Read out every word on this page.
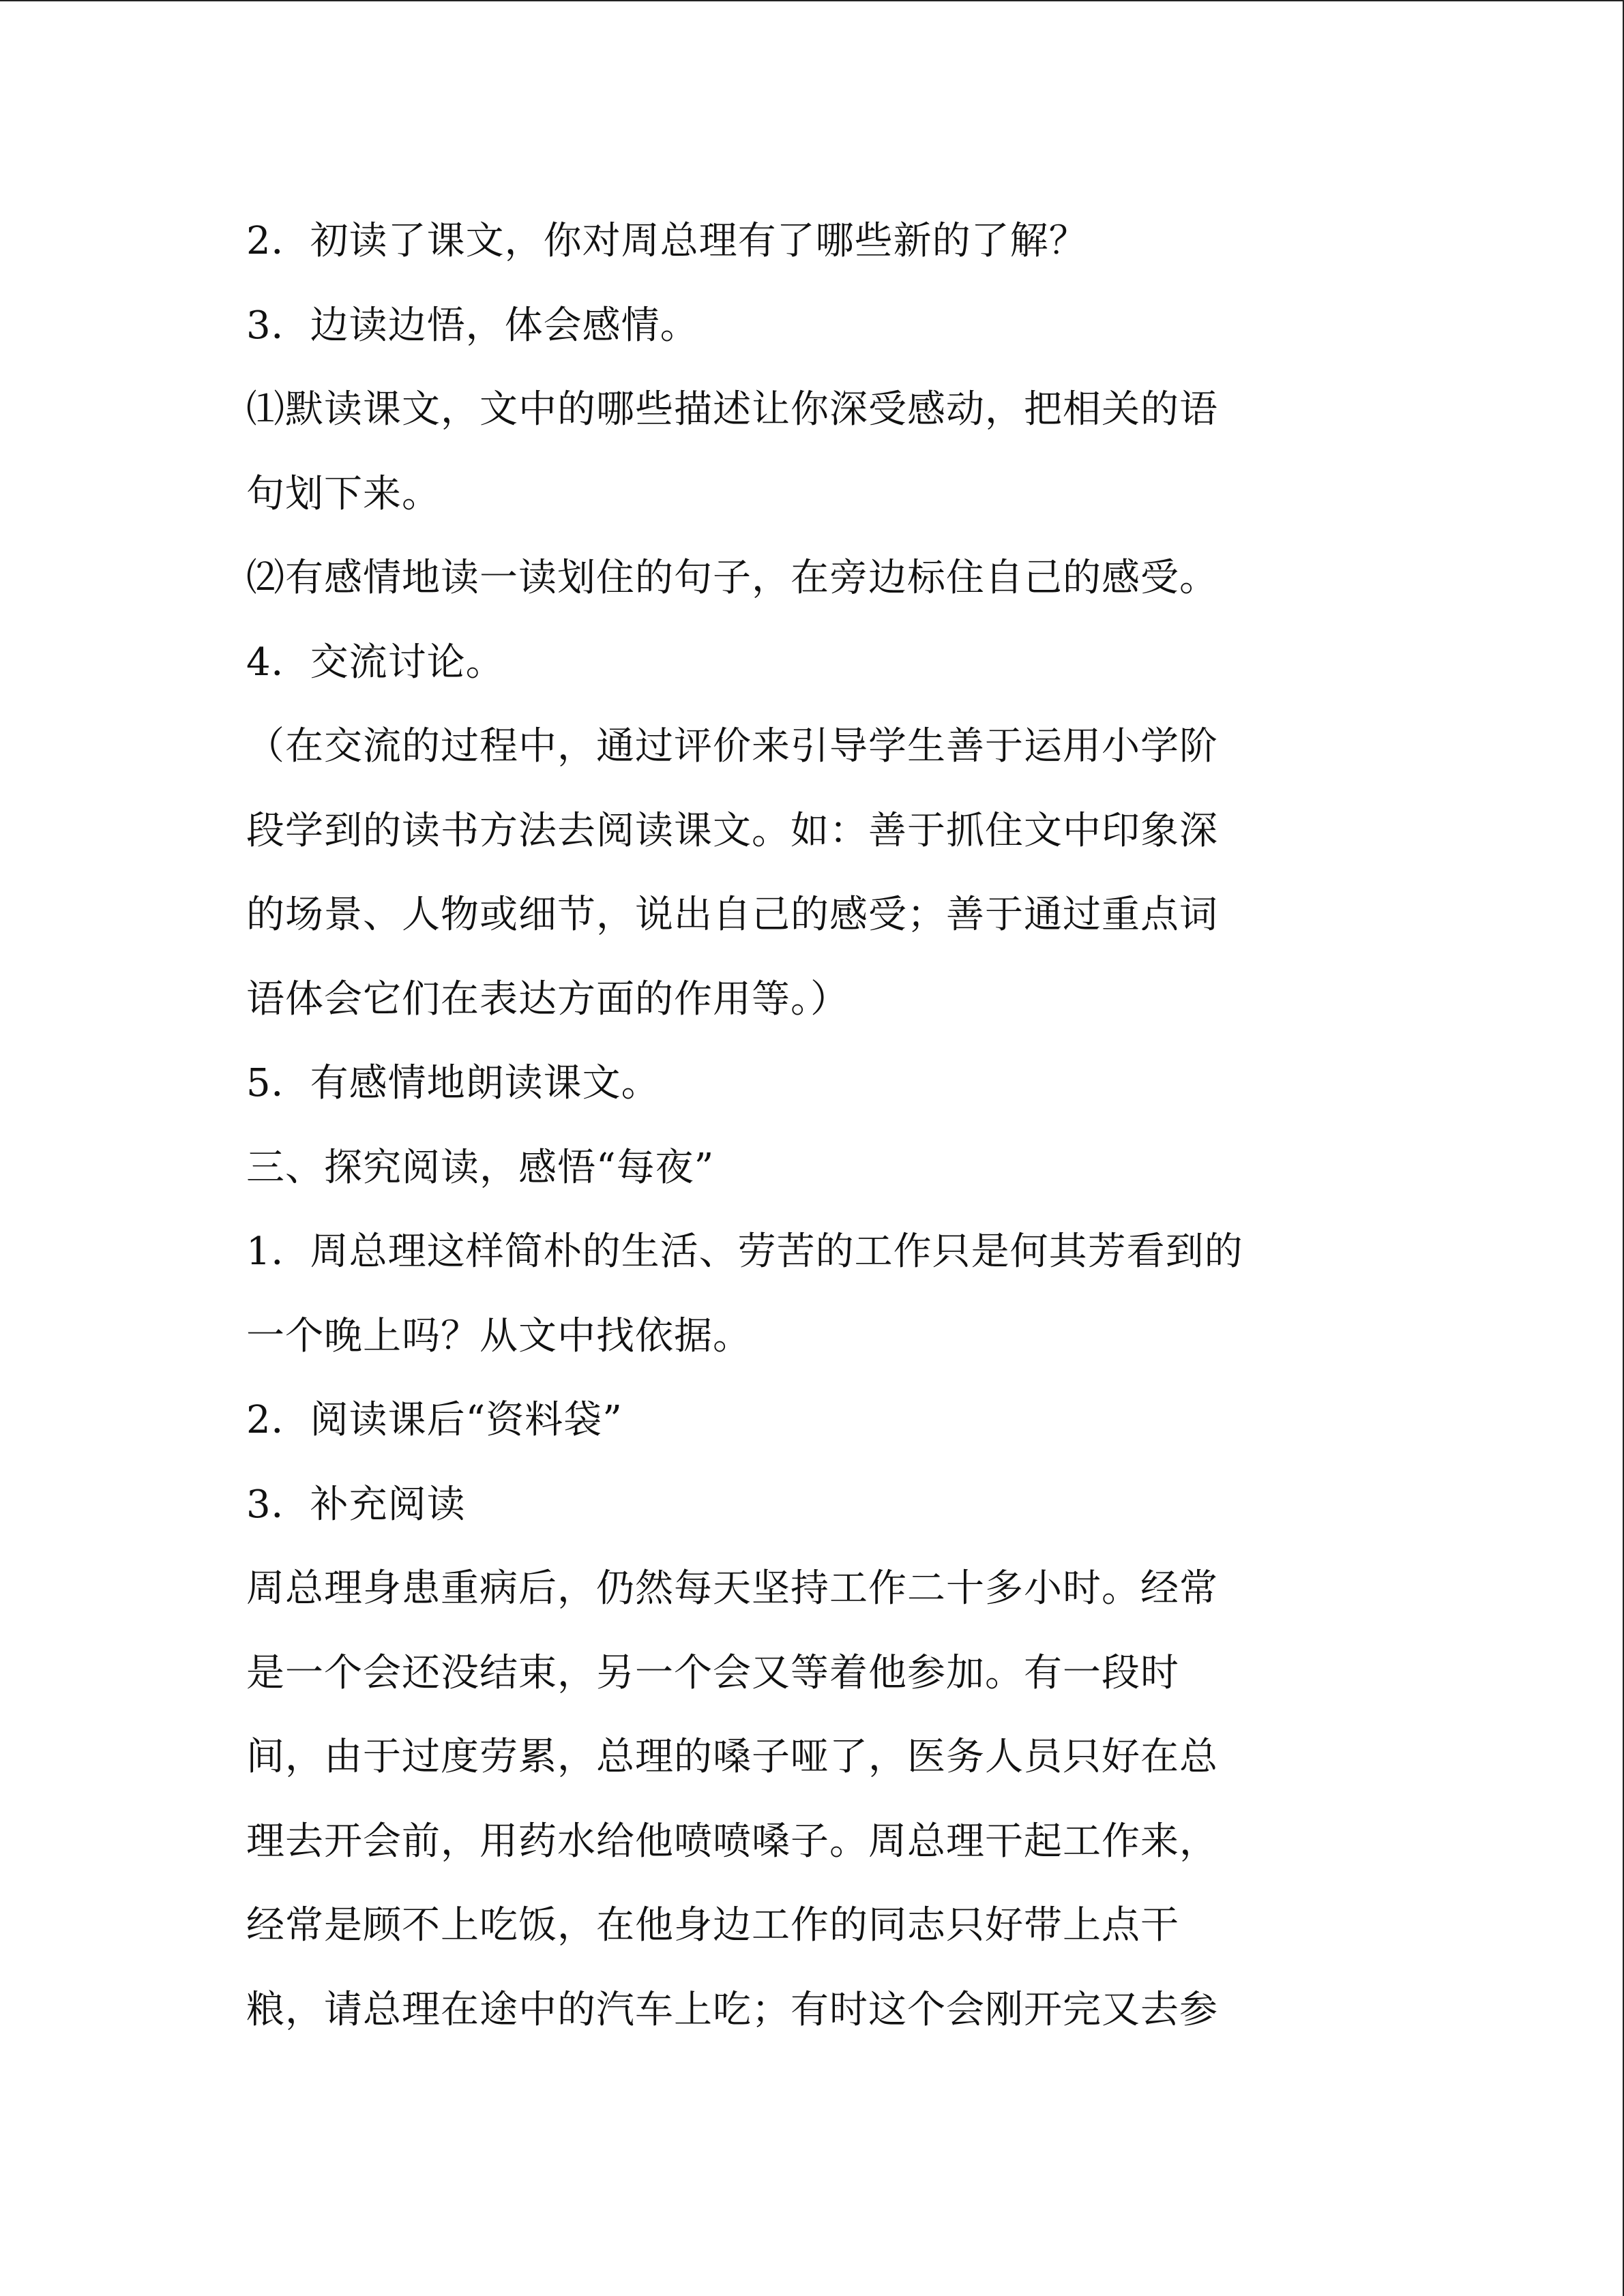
2．初读了课文，你对周总理有了哪些新的了解？
3．边读边悟，体会感情。
⑴默读课文，文中的哪些描述让你深受感动，把相关的语
句划下来。
⑵有感情地读一读划住的句子，在旁边标住自己的感受。
4．交流讨论。
（在交流的过程中，通过评价来引导学生善于运用小学阶
段学到的读书方法去阅读课文。如：善于抓住文中印象深
的场景、人物或细节，说出自己的感受；善于通过重点词
语体会它们在表达方面的作用等。）
5．有感情地朗读课文。
三、探究阅读，感悟“每夜”
1．周总理这样简朴的生活、劳苦的工作只是何其芳看到的
一个晚上吗？从文中找依据。
2．阅读课后“资料袋”
3．补充阅读
周总理身患重病后，仍然每天坚持工作二十多小时。经常
是一个会还没结束，另一个会又等着他参加。有一段时
间，由于过度劳累，总理的嗓子哑了，医务人员只好在总
理去开会前，用药水给他喷喷嗓子。周总理干起工作来，
经常是顾不上吃饭，在他身边工作的同志只好带上点干
粮，请总理在途中的汽车上吃；有时这个会刚开完又去参
